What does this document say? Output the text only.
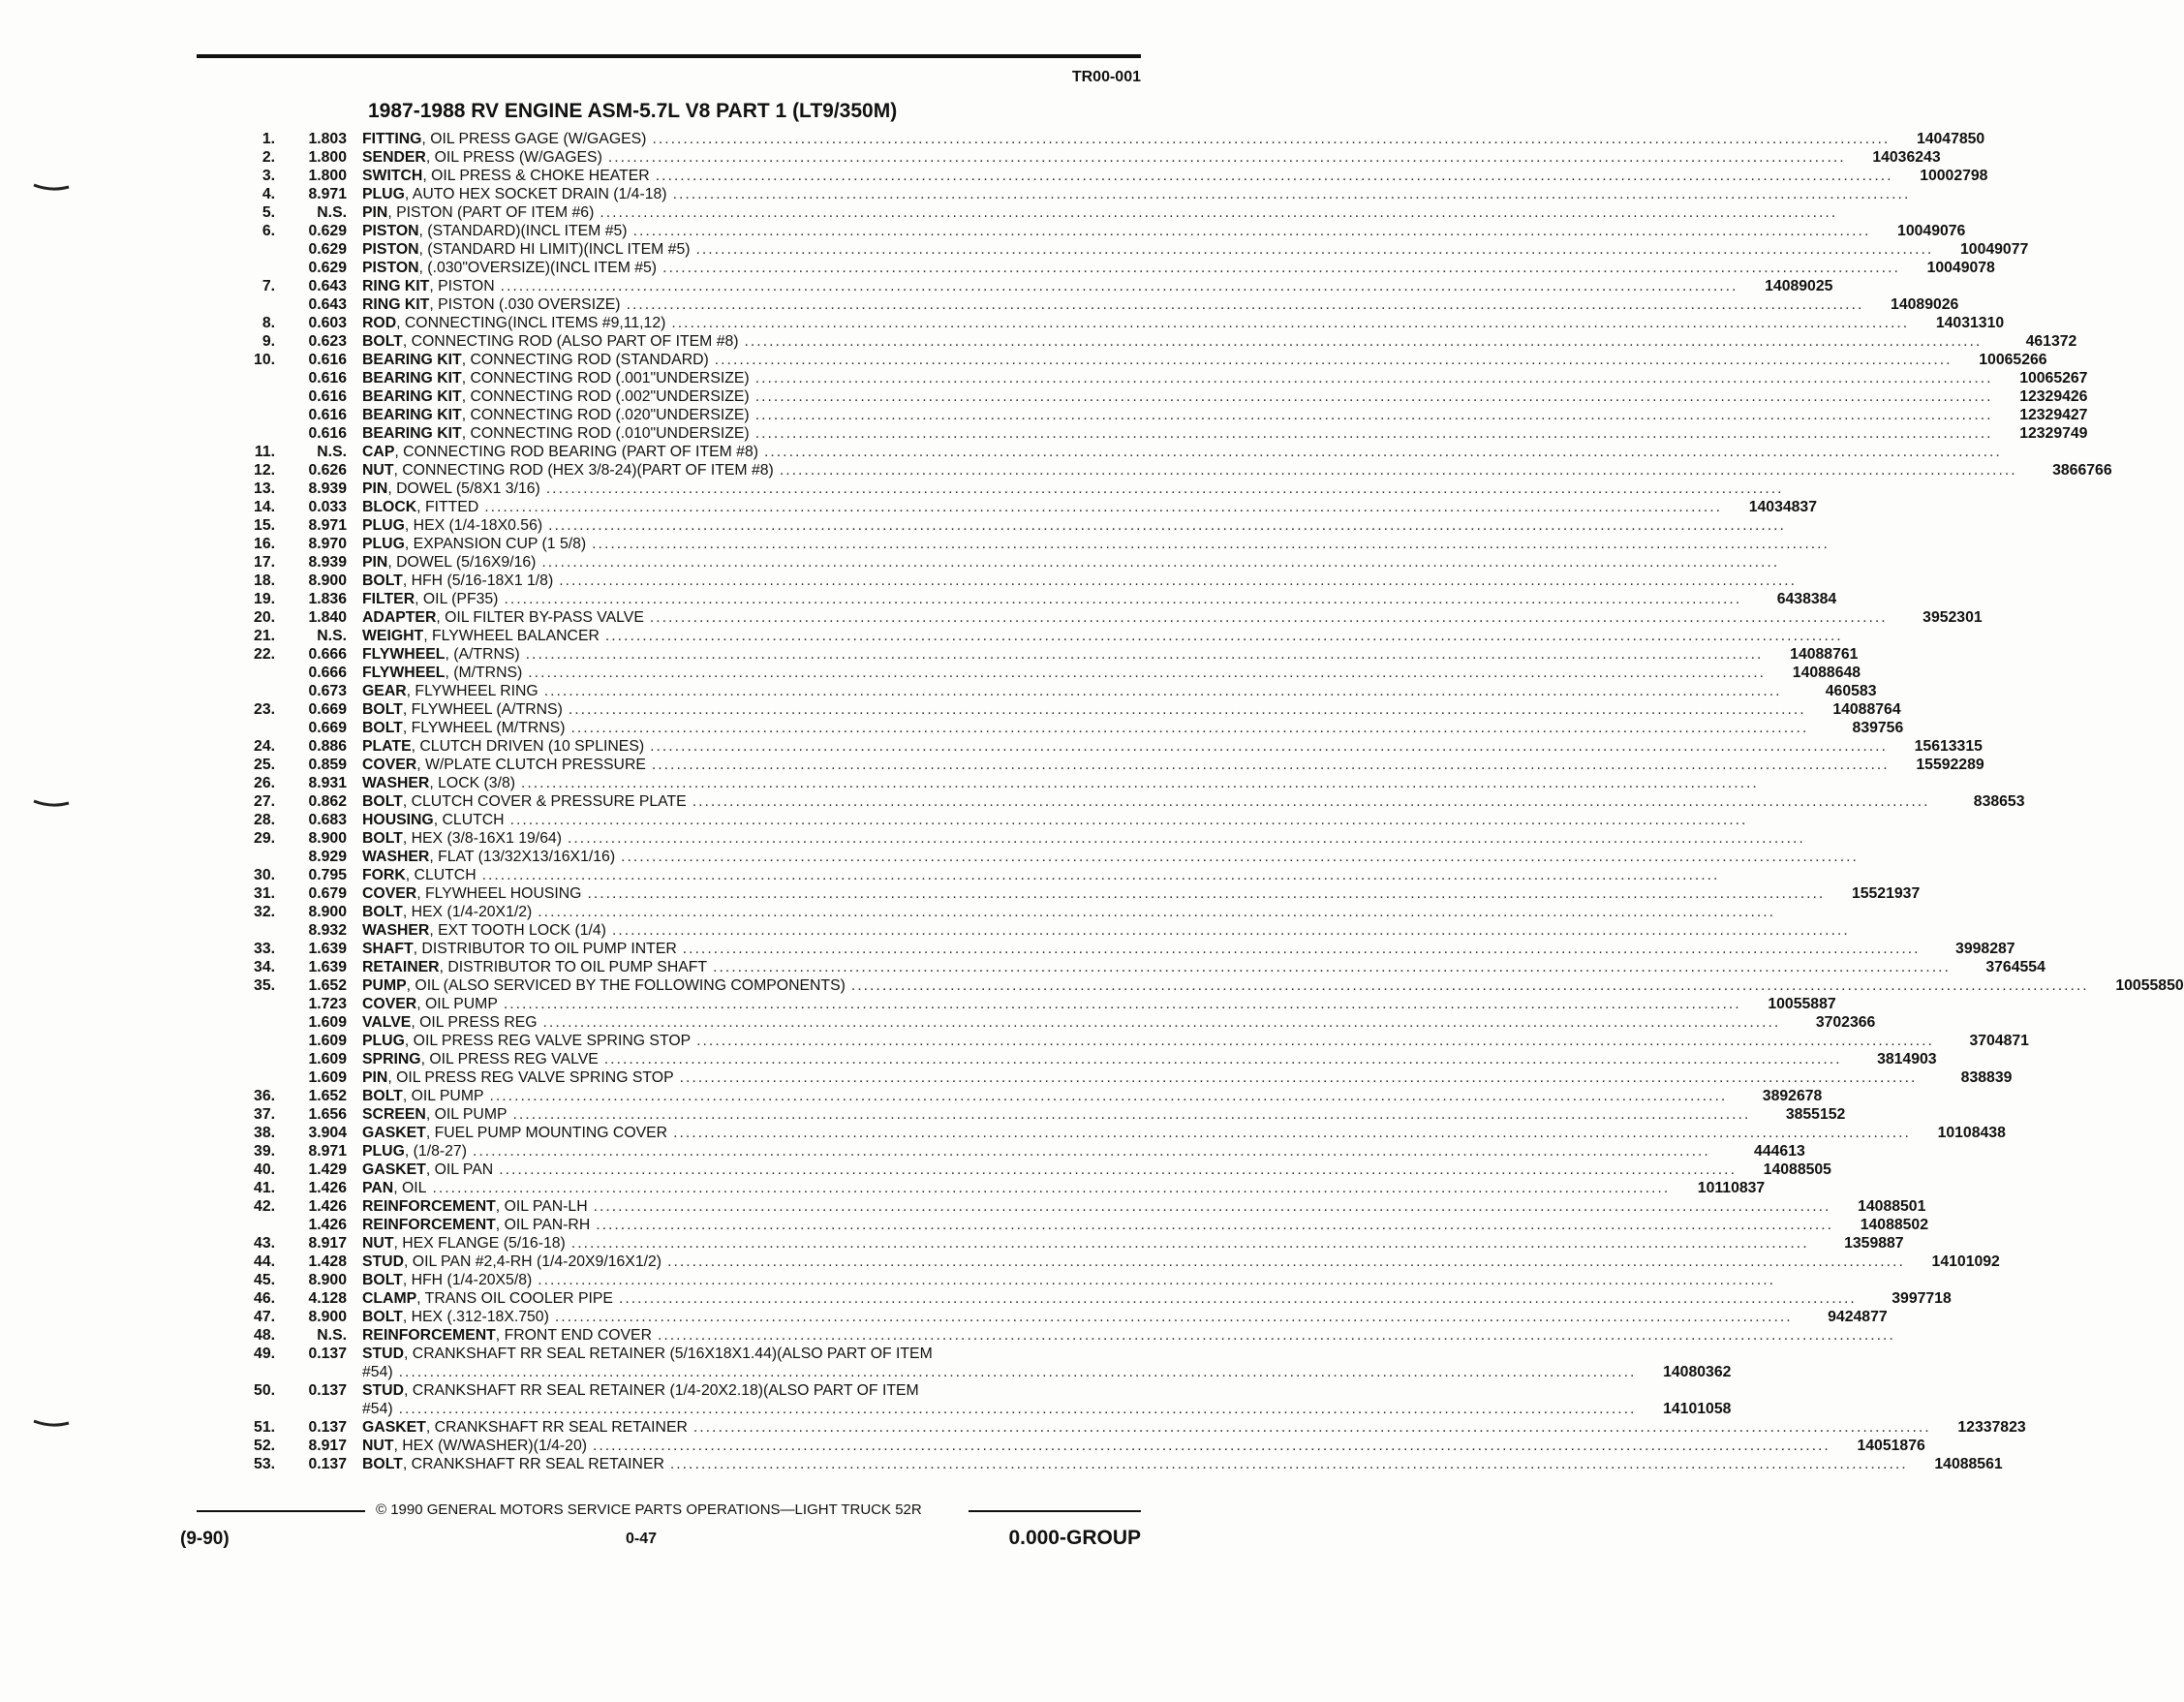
TR00-001
1987-1988 RV ENGINE ASM-5.7L V8 PART 1 (LT9/350M)
1.	1.803 FITTING , OIL PRESS GAGE (W/GAGES) ........................................................................................................................................................................................................	14047850
2.	1.800 SENDER , OIL PRESS (W/GAGES) ........................................................................................................................................................................................................	14036243
3.	1.800 SWITCH , OIL PRESS & CHOKE HEATER ........................................................................................................................................................................................................	10002798
4.	8.971 PLUG , AUTO HEX SOCKET DRAIN (1/4-18) ........................................................................................................................................................................................................
5.	N.S. PIN , PISTON (PART OF ITEM #6) ........................................................................................................................................................................................................
6.	0.629 PISTON , (STANDARD)(INCL ITEM #5) ........................................................................................................................................................................................................	10049076
0.629 PISTON , (STANDARD HI LIMIT)(INCL ITEM #5) ........................................................................................................................................................................................................	10049077
0.629 PISTON , (.030"OVERSIZE)(INCL ITEM #5) ........................................................................................................................................................................................................	10049078
7.	0.643 RING KIT , PISTON ........................................................................................................................................................................................................	14089025
0.643 RING KIT , PISTON (.030 OVERSIZE) ........................................................................................................................................................................................................	14089026
8.	0.603 ROD , CONNECTING(INCL ITEMS #9,11,12) ........................................................................................................................................................................................................	14031310
9.	0.623 BOLT , CONNECTING ROD (ALSO PART OF ITEM #8) ........................................................................................................................................................................................................	461372
10.	0.616 BEARING KIT , CONNECTING ROD (STANDARD) ........................................................................................................................................................................................................	10065266
0.616 BEARING KIT , CONNECTING ROD (.001"UNDERSIZE) ........................................................................................................................................................................................................	10065267
0.616 BEARING KIT , CONNECTING ROD (.002"UNDERSIZE) ........................................................................................................................................................................................................	12329426
0.616 BEARING KIT , CONNECTING ROD (.020"UNDERSIZE) ........................................................................................................................................................................................................	12329427
0.616 BEARING KIT , CONNECTING ROD (.010"UNDERSIZE) ........................................................................................................................................................................................................	12329749
11.	N.S. CAP , CONNECTING ROD BEARING (PART OF ITEM #8) ........................................................................................................................................................................................................
12.	0.626 NUT , CONNECTING ROD (HEX 3/8-24)(PART OF ITEM #8) ........................................................................................................................................................................................................	3866766
13.	8.939 PIN , DOWEL (5/8X1 3/16) ........................................................................................................................................................................................................
14.	0.033 BLOCK , FITTED ........................................................................................................................................................................................................	14034837
15.	8.971 PLUG , HEX (1/4-18X0.56) ........................................................................................................................................................................................................
16.	8.970 PLUG , EXPANSION CUP (1 5/8) ........................................................................................................................................................................................................
17.	8.939 PIN , DOWEL (5/16X9/16) ........................................................................................................................................................................................................
18.	8.900 BOLT , HFH (5/16-18X1 1/8) ........................................................................................................................................................................................................
19.	1.836 FILTER , OIL (PF35) ........................................................................................................................................................................................................	6438384
20.	1.840 ADAPTER , OIL FILTER BY-PASS VALVE ........................................................................................................................................................................................................	3952301
21.	N.S. WEIGHT , FLYWHEEL BALANCER ........................................................................................................................................................................................................
22.	0.666 FLYWHEEL , (A/TRNS) ........................................................................................................................................................................................................	14088761
0.666 FLYWHEEL , (M/TRNS) ........................................................................................................................................................................................................	14088648
0.673 GEAR , FLYWHEEL RING ........................................................................................................................................................................................................	460583
23.	0.669 BOLT , FLYWHEEL (A/TRNS) ........................................................................................................................................................................................................	14088764
0.669 BOLT , FLYWHEEL (M/TRNS) ........................................................................................................................................................................................................	839756
24.	0.886 PLATE , CLUTCH DRIVEN (10 SPLINES) ........................................................................................................................................................................................................	15613315
25.	0.859 COVER , W/PLATE CLUTCH PRESSURE ........................................................................................................................................................................................................	15592289
26.	8.931 WASHER , LOCK (3/8) ........................................................................................................................................................................................................
27.	0.862 BOLT , CLUTCH COVER & PRESSURE PLATE ........................................................................................................................................................................................................	838653
28.	0.683 HOUSING , CLUTCH ........................................................................................................................................................................................................
29.	8.900 BOLT , HEX (3/8-16X1 19/64) ........................................................................................................................................................................................................
8.929 WASHER , FLAT (13/32X13/16X1/16) ........................................................................................................................................................................................................
30.	0.795 FORK , CLUTCH ........................................................................................................................................................................................................
31.	0.679 COVER , FLYWHEEL HOUSING ........................................................................................................................................................................................................	15521937
32.	8.900 BOLT , HEX (1/4-20X1/2) ........................................................................................................................................................................................................
8.932 WASHER , EXT TOOTH LOCK (1/4) ........................................................................................................................................................................................................
33.	1.639 SHAFT , DISTRIBUTOR TO OIL PUMP INTER ........................................................................................................................................................................................................	3998287
34.	1.639 RETAINER , DISTRIBUTOR TO OIL PUMP SHAFT ........................................................................................................................................................................................................	3764554
35.	1.652 PUMP , OIL (ALSO SERVICED BY THE FOLLOWING COMPONENTS) ........................................................................................................................................................................................................	10055850
1.723 COVER , OIL PUMP ........................................................................................................................................................................................................	10055887
1.609 VALVE , OIL PRESS REG ........................................................................................................................................................................................................	3702366
1.609 PLUG , OIL PRESS REG VALVE SPRING STOP ........................................................................................................................................................................................................	3704871
1.609 SPRING , OIL PRESS REG VALVE ........................................................................................................................................................................................................	3814903
1.609 PIN , OIL PRESS REG VALVE SPRING STOP ........................................................................................................................................................................................................	838839
36.	1.652 BOLT , OIL PUMP ........................................................................................................................................................................................................	3892678
37.	1.656 SCREEN , OIL PUMP ........................................................................................................................................................................................................	3855152
38.	3.904 GASKET , FUEL PUMP MOUNTING COVER ........................................................................................................................................................................................................	10108438
39.	8.971 PLUG , (1/8-27) ........................................................................................................................................................................................................	444613
40.	1.429 GASKET , OIL PAN ........................................................................................................................................................................................................	14088505
41.	1.426 PAN , OIL ........................................................................................................................................................................................................	10110837
42.	1.426 REINFORCEMENT , OIL PAN-LH ........................................................................................................................................................................................................	14088501
1.426 REINFORCEMENT , OIL PAN-RH ........................................................................................................................................................................................................	14088502
43.	8.917 NUT , HEX FLANGE (5/16-18) ........................................................................................................................................................................................................	1359887
44.	1.428 STUD , OIL PAN #2,4-RH (1/4-20X9/16X1/2) ........................................................................................................................................................................................................	14101092
45.	8.900 BOLT , HFH (1/4-20X5/8) ........................................................................................................................................................................................................
46.	4.128 CLAMP , TRANS OIL COOLER PIPE ........................................................................................................................................................................................................	3997718
47.	8.900 BOLT , HEX (.312-18X.750) ........................................................................................................................................................................................................	9424877
48.	N.S. REINFORCEMENT , FRONT END COVER ........................................................................................................................................................................................................
49.	0.137 STUD, CRANKSHAFT RR SEAL RETAINER (5/16X18X1.44)(ALSO PART OF ITEM
#54) ........................................................................................................................................................................................................	14080362
50.	0.137 STUD, CRANKSHAFT RR SEAL RETAINER (1/4-20X2.18)(ALSO PART OF ITEM
#54) ........................................................................................................................................................................................................	14101058
51.	0.137 GASKET , CRANKSHAFT RR SEAL RETAINER ........................................................................................................................................................................................................	12337823
52.	8.917 NUT , HEX (W/WASHER)(1/4-20) ........................................................................................................................................................................................................	14051876
53.	0.137 BOLT , CRANKSHAFT RR SEAL RETAINER ........................................................................................................................................................................................................	14088561
© 1990 GENERAL MOTORS SERVICE PARTS OPERATIONS—LIGHT TRUCK 52R
(9-90)	0-47	0.000-GROUP
